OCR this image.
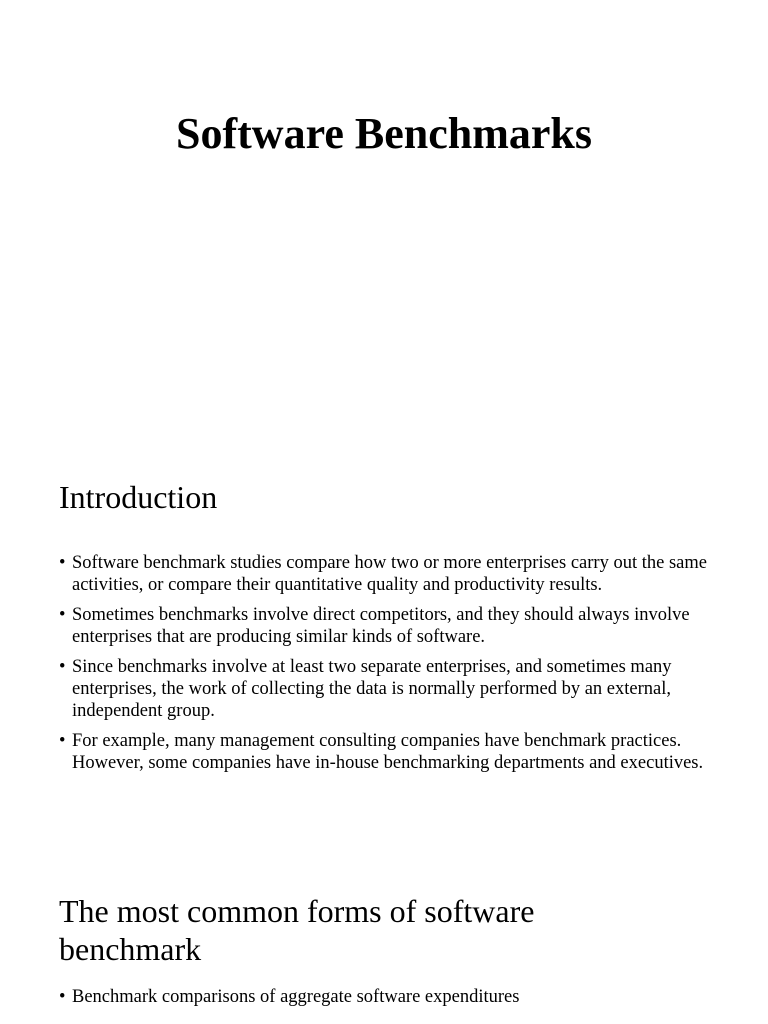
Software Benchmarks
Introduction
• Software benchmark studies compare how two or more enterprises carry out the same activities, or compare their quantitative quality and productivity results.
• Sometimes benchmarks involve direct competitors, and they should always involve enterprises that are producing similar kinds of software.
• Since benchmarks involve at least two separate enterprises, and sometimes many enterprises, the work of collecting the data is normally performed by an external, independent group.
• For example, many management consulting companies have benchmark practices. However, some companies have in-house benchmarking departments and executives.
The most common forms of software benchmark
• Benchmark comparisons of aggregate software expenditures
